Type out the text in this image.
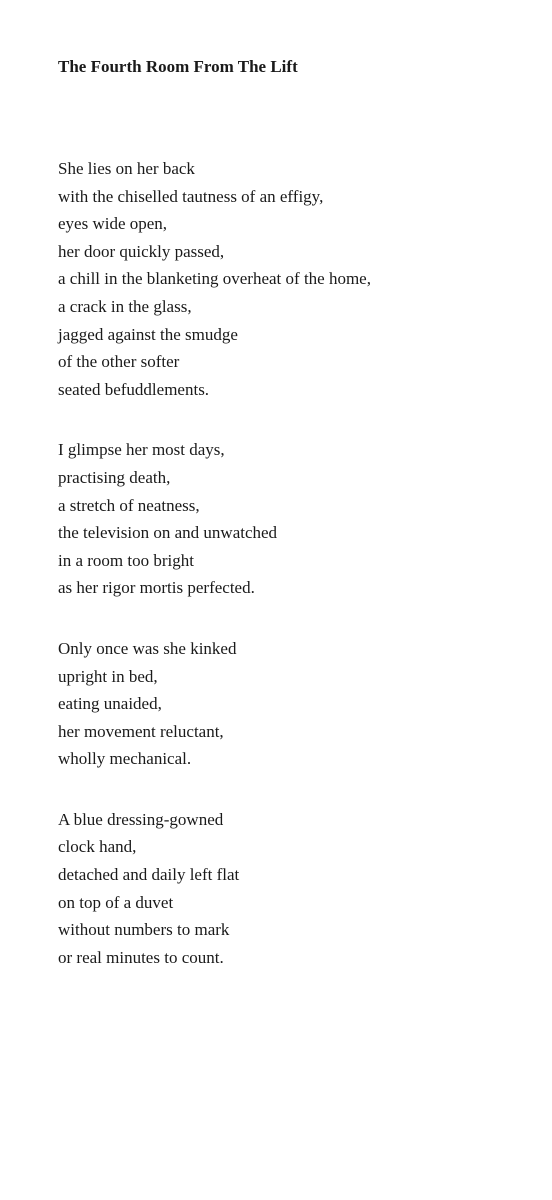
The Fourth Room From The Lift
She lies on her back
with the chiselled tautness of an effigy,
eyes wide open,
her door quickly passed,
a chill in the blanketing overheat of the home,
a crack in the glass,
jagged against the smudge
of the other softer
seated befuddlements.
I glimpse her most days,
practising death,
a stretch of neatness,
the television on and unwatched
in a room too bright
as her rigor mortis perfected.
Only once was she kinked
upright in bed,
eating unaided,
her movement reluctant,
wholly mechanical.
A blue dressing-gowned
clock hand,
detached and daily left flat
on top of a duvet
without numbers to mark
or real minutes to count.
